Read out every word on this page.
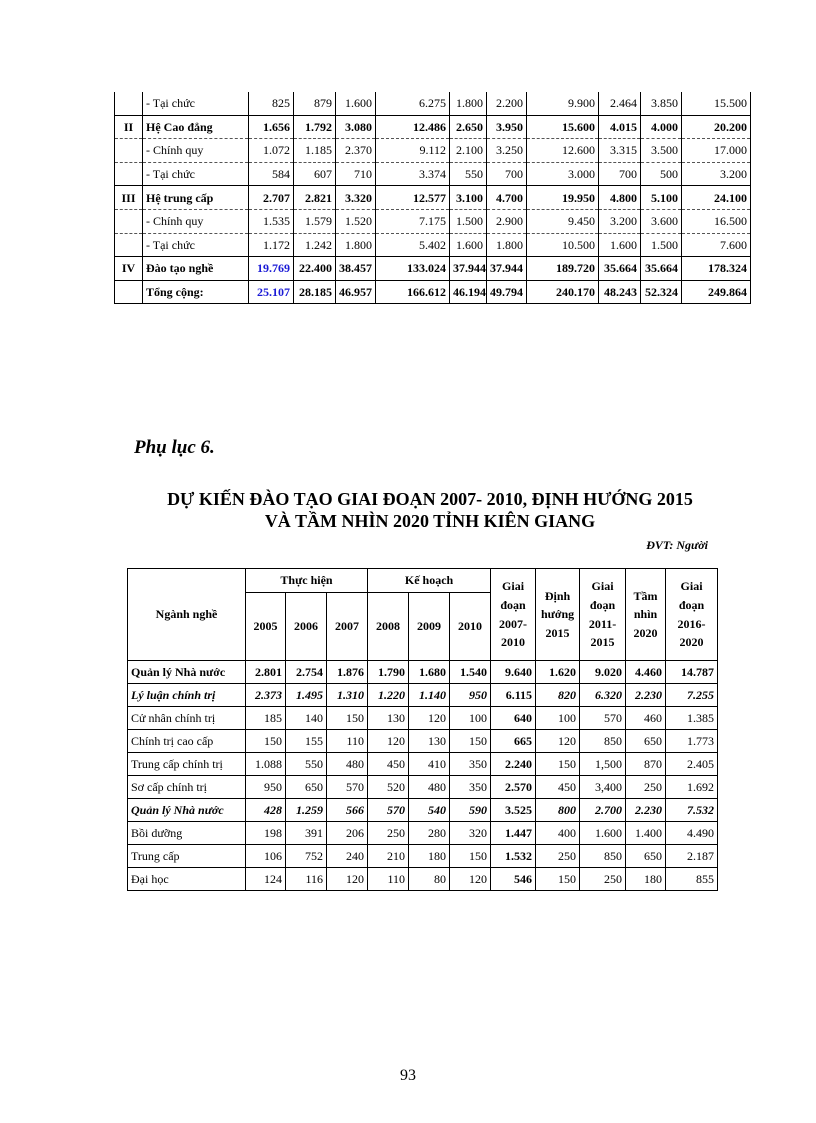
	- Tại chức	825	879	1.600	6.275	1.800	2.200	9.900	2.464	3.850	15.500
II	Hệ Cao đẳng	1.656	1.792	3.080	12.486	2.650	3.950	15.600	4.015	4.000	20.200
	- Chính quy	1.072	1.185	2.370	9.112	2.100	3.250	12.600	3.315	3.500	17.000
	- Tại chức	584	607	710	3.374	550	700	3.000	700	500	3.200
III	Hệ trung cấp	2.707	2.821	3.320	12.577	3.100	4.700	19.950	4.800	5.100	24.100
	- Chính quy	1.535	1.579	1.520	7.175	1.500	2.900	9.450	3.200	3.600	16.500
	- Tại chức	1.172	1.242	1.800	5.402	1.600	1.800	10.500	1.600	1.500	7.600
IV	Đào tạo nghề	19.769	22.400	38.457	133.024	37.944	37.944	189.720	35.664	35.664	178.324
	Tổng cộng:	25.107	28.185	46.957	166.612	46.194	49.794	240.170	48.243	52.324	249.864
Phụ lục 6.
DỰ KIẾN ĐÀO TẠO GIAI ĐOẠN 2007- 2010, ĐỊNH HƯỚNG 2015
VÀ TẦM NHÌN 2020 TỈNH KIÊN GIANG
ĐVT: Người
Ngành nghề	Thực hiện			Kế hoạch			Giai đoạn 2007-2010	Định hướng 2015	Giai đoạn 2011-2015	Tầm nhìn 2020	Giai đoạn 2016-2020
	2005	2006	2007	2008	2009	2010					
Quản lý Nhà nước	2.801	2.754	1.876	1.790	1.680	1.540	9.640	1.620	9.020	4.460	14.787
Lý luận chính trị	2.373	1.495	1.310	1.220	1.140	950	6.115	820	6.320	2.230	7.255
Cử nhân chính trị	185	140	150	130	120	100	640	100	570	460	1.385
Chính trị cao cấp	150	155	110	120	130	150	665	120	850	650	1.773
Trung cấp chính trị	1.088	550	480	450	410	350	2.240	150	1,500	870	2.405
Sơ cấp chính trị	950	650	570	520	480	350	2.570	450	3,400	250	1.692
Quản lý Nhà nước	428	1.259	566	570	540	590	3.525	800	2.700	2.230	7.532
Bồi dưỡng	198	391	206	250	280	320	1.447	400	1.600	1.400	4.490
Trung cấp	106	752	240	210	180	150	1.532	250	850	650	2.187
Đại học	124	116	120	110	80	120	546	150	250	180	855
93
